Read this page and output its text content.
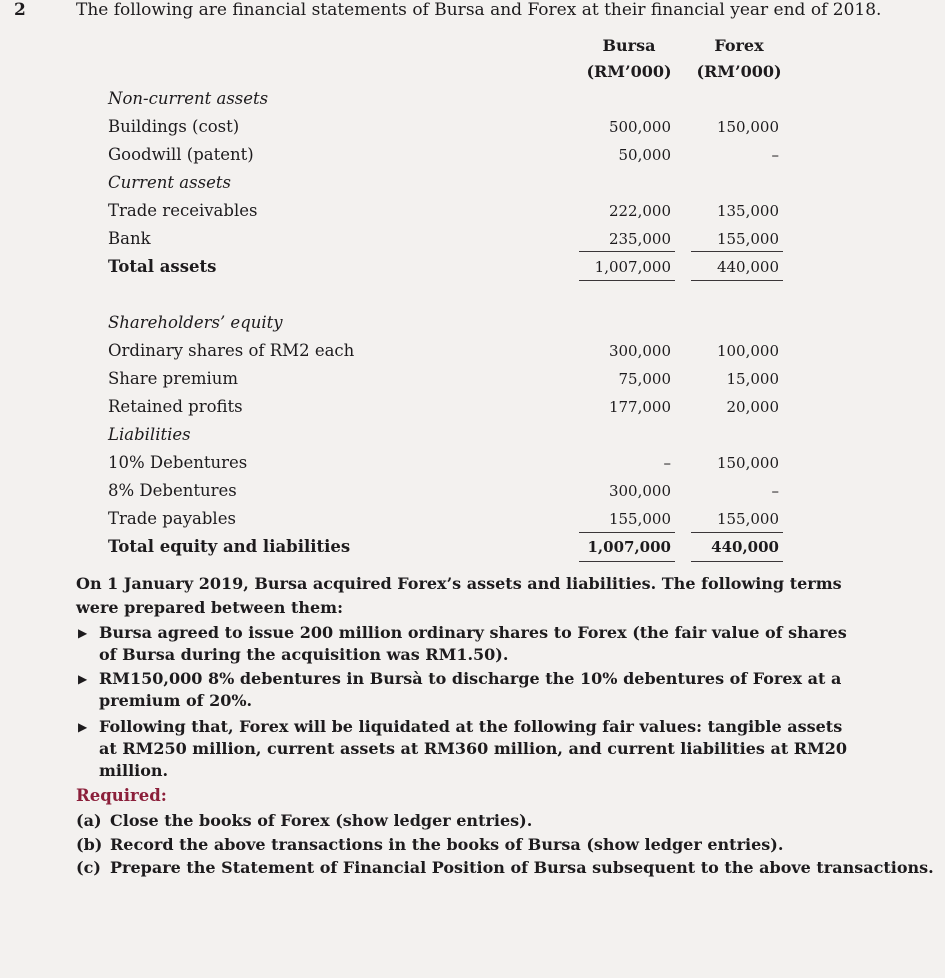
2	The following are financial statements of Bursa and Forex at their financial year end of 2018.
Bursa
(RM’000)
Forex
(RM’000)
Non-current assets
Buildings (cost)
Goodwill (patent)
Current assets
Trade receivables
Bank
Total assets
Shareholders’ equity
Ordinary shares of RM2 each
Share premium
Retained profits
Liabilities
10% Debentures
8% Debentures
Trade payables
Total equity and liabilities
500,000
50,000
222,000
235,000
1,007,000
300,000
75,000
177,000
–
300,000
155,000
1,007,000
150,000
–
135,000
155,000
440,000
100,000
15,000
20,000
150,000
–
155,000
440,000
On 1 January 2019, Bursa acquired Forex’s assets and liabilities. The following terms were prepared between them:
▶ Bursa agreed to issue 200 million ordinary shares to Forex (the fair value of shares of Bursa during the acquisition was RM1.50).
▶ RM150,000 8% debentures in Bursà to discharge the 10% debentures of Forex at a premium of 20%.
▶ Following that, Forex will be liquidated at the following fair values: tangible assets at RM250 million, current assets at RM360 million, and current liabilities at RM20 million.
Required:
(a) Close the books of Forex (show ledger entries).
(b) Record the above transactions in the books of Bursa (show ledger entries).
(c) Prepare the Statement of Financial Position of Bursa subsequent to the above transactions.
